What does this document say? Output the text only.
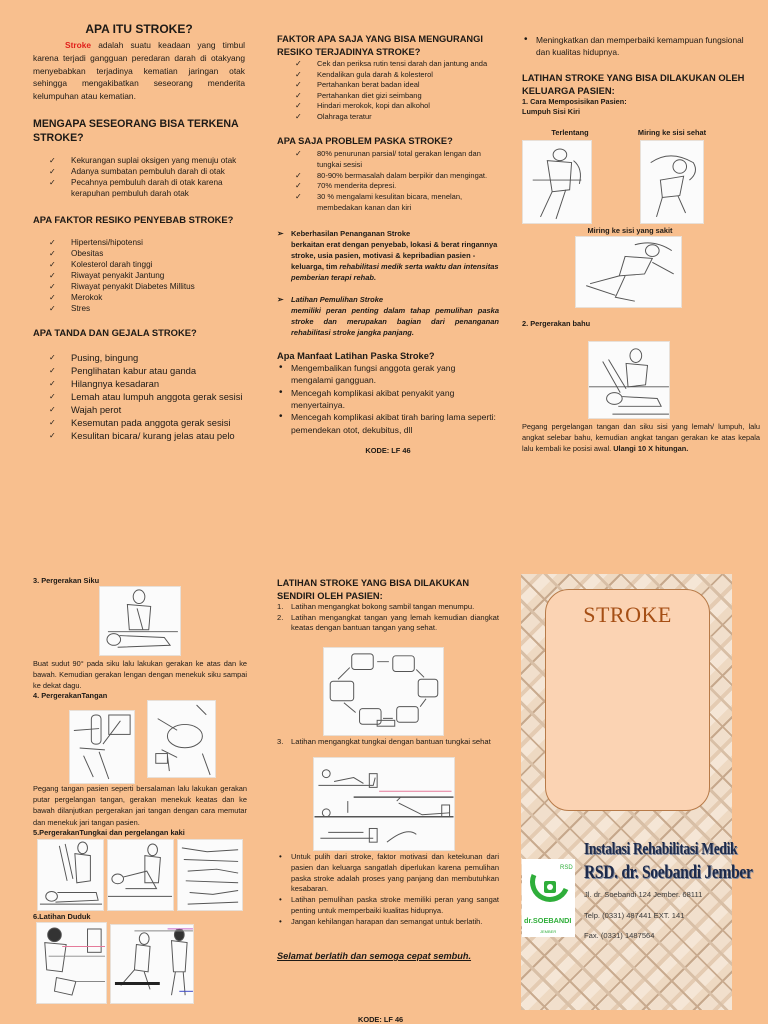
APA ITU STROKE?

Stroke adalah suatu keadaan yang timbul karena terjadi gangguan peredaran darah di otakyang menyebabkan terjadinya kematian jaringan otak sehingga mengakibatkan seseorang menderita kelumpuhan atau kematian.

MENGAPA SESEORANG BISA TERKENA STROKE?
✓ Kekurangan suplai oksigen yang menuju otak
✓ Adanya sumbatan pembuluh darah di otak
✓ Pecahnya pembuluh darah di otak karena kerapuhan pembuluh darah otak
APA FAKTOR RESIKO PENYEBAB STROKE?
✓ Hipertensi/hipotensi
✓ Obesitas
✓ Kolesterol darah tinggi
✓ Riwayat penyakit Jantung
✓ Riwayat penyakit Diabetes Millitus
✓ Merokok
✓ Stres
APA TANDA DAN GEJALA STROKE?
✓ Pusing, bingung
✓ Penglihatan kabur atau ganda
✓ Hilangnya kesadaran
✓ Lemah atau lumpuh anggota gerak sesisi
✓ Wajah perot
✓ Kesemutan pada anggota gerak sesisi
✓ Kesulitan bicara/ kurang jelas atau pelo
FAKTOR APA SAJA YANG BISA MENGURANGI RESIKO TERJADINYA STROKE?
✓ Cek dan periksa rutin tensi darah dan jantung anda
✓ Kendalikan gula darah & kolesterol
✓ Pertahankan berat badan ideal
✓ Pertahankan diet gizi seimbang
✓ Hindari merokok, kopi dan alkohol
✓ Olahraga teratur
APA SAJA PROBLEM PASKA STROKE?
✓ 80% penurunan parsial/ total gerakan lengan dan tungkai sesisi
✓ 80-90% bermasalah dalam berpikir dan mengingat.
✓ 70% menderita depresi.
✓ 30 % mengalami kesulitan bicara, menelan, membedakan kanan dan kiri
➢ Keberhasilan Penanganan Stroke
berkaitan erat dengan penyebab, lokasi & berat ringannya stroke, usia pasien, motivasi & kepribadian pasien -keluarga, tim rehabilitasi medik serta waktu dan intensitas pemberian terapi rehab.
➢ Latihan Pemulihan Stroke
memiliki peran penting dalam tahap pemulihan paska stroke dan merupakan bagian dari penanganan rehabilitasi stroke jangka panjang.
Apa Manfaat Latihan Paska Stroke?
• Mengembalikan fungsi anggota gerak yang mengalami gangguan.
• Mencegah komplikasi akibat penyakit yang menyertainya.
• Mencegah komplikasi akibat tirah baring lama seperti: pemendekan otot, dekubitus, dll
KODE: LF 46
• Meningkatkan dan memperbaiki kemampuan fungsional dan kualitas hidupnya.
LATIHAN STROKE YANG BISA DILAKUKAN OLEH KELUARGA PASIEN:
1. Cara Memposisikan Pasien:
Lumpuh Sisi Kiri
Terlentang	Miring ke sisi sehat
Miring ke sisi yang sakit
2. Pergerakan bahu

Pegang pergelangan tangan dan siku sisi yang lemah/ lumpuh, lalu angkat selebar bahu, kemudian angkat tangan gerakan ke atas kepala lalu kembali ke posisi awal. Ulangi 10 X hitungan.

3. Pergerakan Siku

Buat sudut 90° pada siku lalu lakukan gerakan ke atas dan ke bawah. Kemudian gerakan lengan dengan menekuk siku sampai ke dekat dagu.

4. PergerakanTangan

Pegang tangan pasien seperti bersalaman lalu lakukan gerakan putar pergelangan tangan, gerakan menekuk keatas dan ke bawah dilanjutkan pergerakan jari tangan dengan cara memutar dan menekuk jari tangan pasien.

5.PergerakanTungkai dan pergelangan kaki
6.Latihan Duduk
LATIHAN STROKE YANG BISA DILAKUKAN SENDIRI OLEH PASIEN:
1. Latihan mengangkat bokong sambil tangan menumpu.
2. Latihan mengangkat tangan yang lemah kemudian diangkat keatas dengan bantuan tangan yang sehat.
3. Latihan mengangkat tungkai dengan bantuan tungkai sehat
• Untuk pulih dari stroke, faktor motivasi dan ketekunan dari pasien dan keluarga sangatlah diperlukan karena pemulihan paska stroke adalah proses yang panjang dan membutuhkan kesabaran.
• Latihan pemulihan paska stroke memiliki peran yang sangat penting untuk memperbaiki kualitas hidupnya.
• Jangan kehilangan harapan dan semangat untuk berlatih.
Selamat berlatih dan semoga cepat sembuh.
KODE: LF 46
STROKE
RSD
dr.SOEBANDI
JEMBER
Instalasi Rehabilitasi Medik
RSD. dr. Soebandi Jember
Jl. dr. Soebandi 124 Jember. 68111
Telp. (0331) 487441 EXT. 141
Fax. (0331) 1487564
